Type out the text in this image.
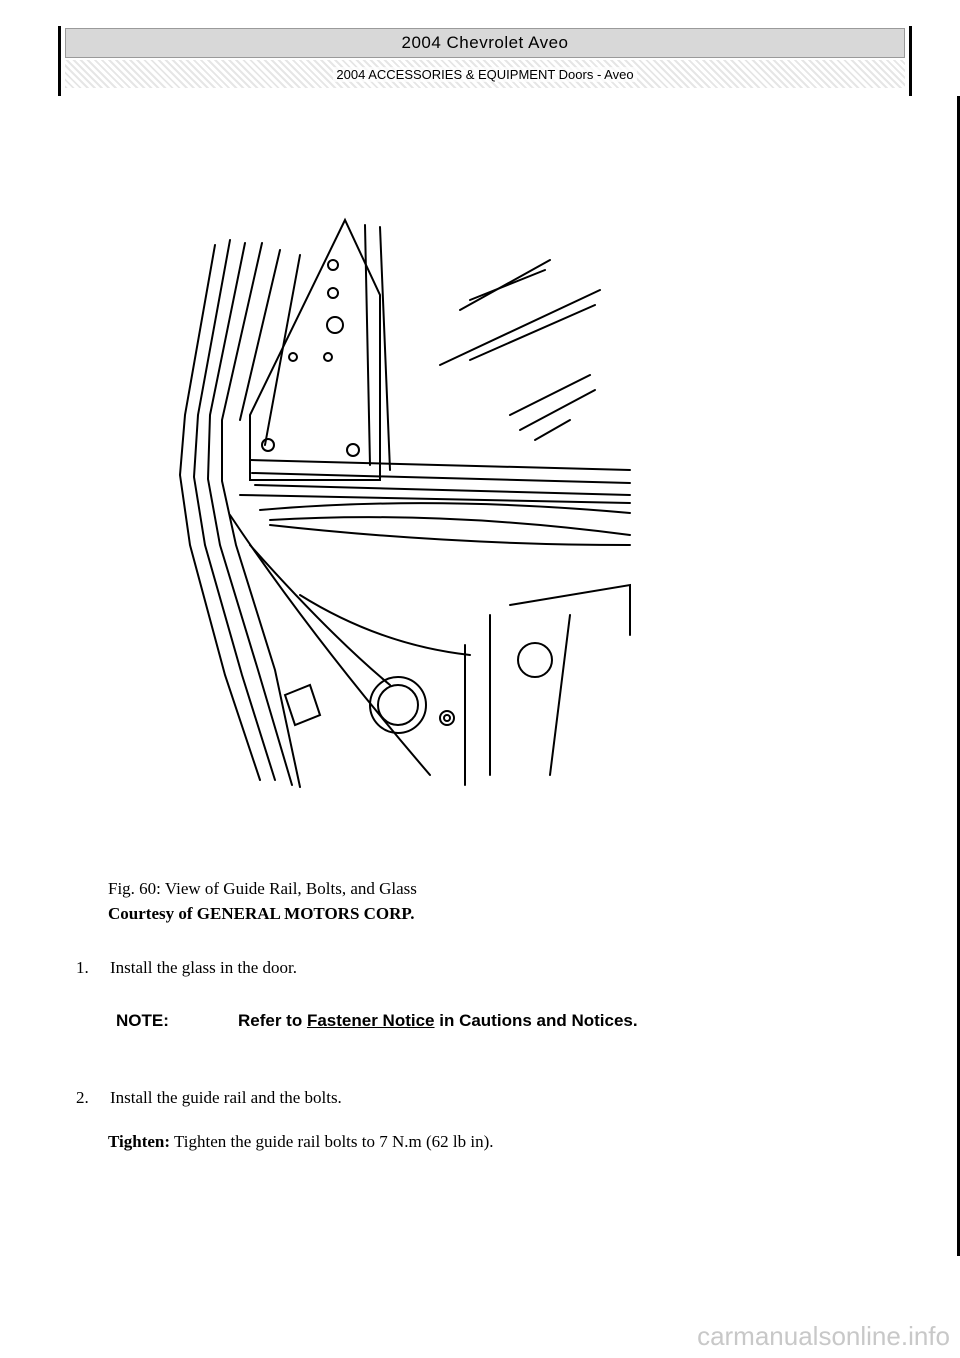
2004 Chevrolet Aveo
2004 ACCESSORIES & EQUIPMENT Doors - Aveo
Fig. 60: View of Guide Rail, Bolts, and Glass
Courtesy of GENERAL MOTORS CORP.
1. Install the glass in the door.
NOTE:	Refer to Fastener Notice in Cautions and Notices.
2. Install the guide rail and the bolts.
Tighten: Tighten the guide rail bolts to 7 N.m (62 lb in).
carmanualsonline.info
